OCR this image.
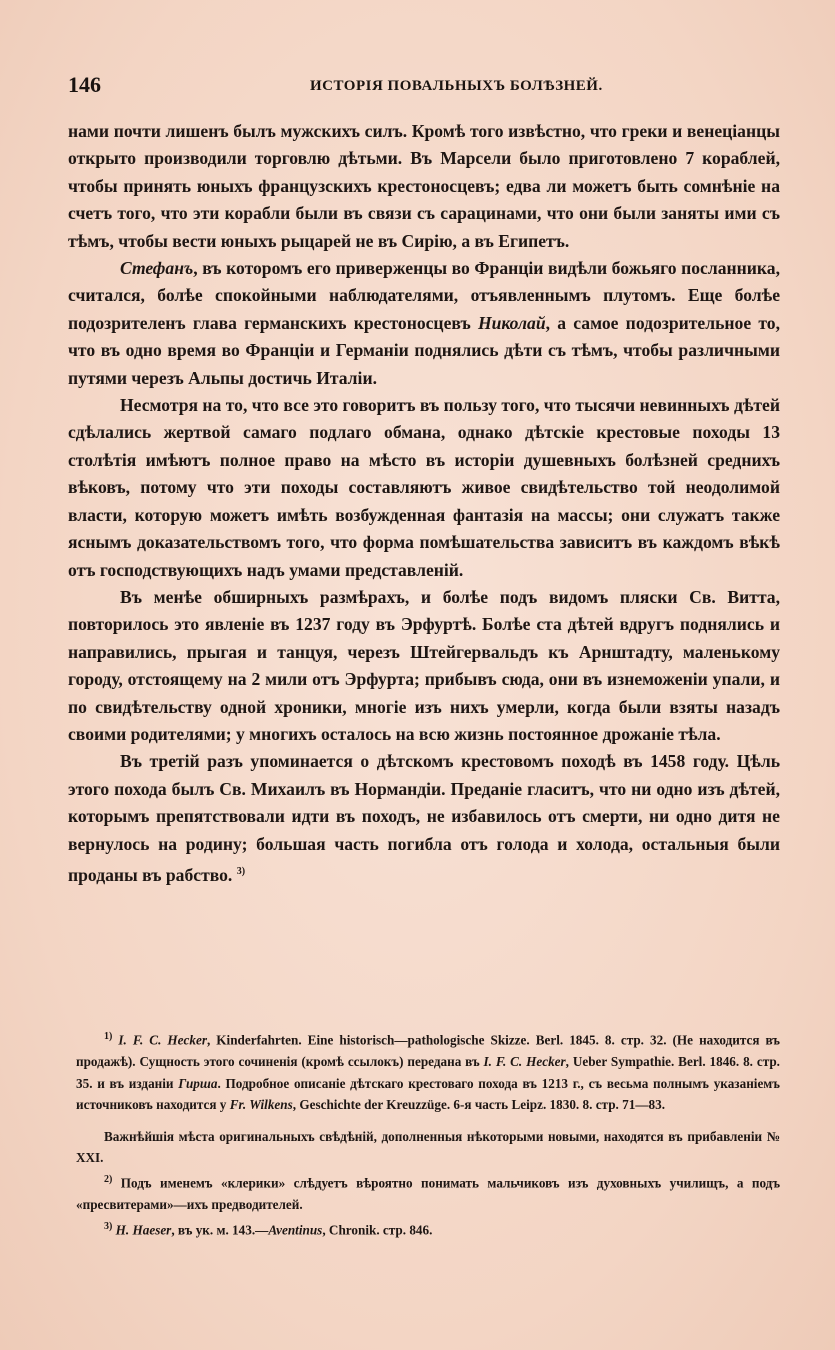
146	ИСТОРІЯ ПОВАЛЬНЫХЪ БОЛѢЗНЕЙ.

нами почти лишенъ былъ мужскихъ силъ. Кромѣ того извѣстно, что греки и венеціанцы открыто производили торговлю дѣтьми. Въ Марсели было приготовлено 7 кораблей, чтобы принять юныхъ французскихъ крестоносцевъ; едва ли можетъ быть сомнѣніе на счетъ того, что эти корабли были въ связи съ сарацинами, что они были заняты ими съ тѣмъ, чтобы вести юныхъ рыцарей не въ Сирію, а въ Египетъ.

Стефанъ, въ которомъ его приверженцы во Франціи видѣли божьяго посланника, считался, болѣе спокойными наблюдателями, отъявленнымъ плутомъ. Еще болѣе подозрителенъ глава германскихъ крестоносцевъ Николай, а самое подозрительное то, что въ одно время во Франціи и Германіи поднялись дѣти съ тѣмъ, чтобы различными путями черезъ Альпы достичь Италіи.

Несмотря на то, что все это говоритъ въ пользу того, что тысячи невинныхъ дѣтей сдѣлались жертвой самаго подлаго обмана, однако дѣтскіе крестовые походы 13 столѣтія имѣютъ полное право на мѣсто въ исторіи душевныхъ болѣзней среднихъ вѣковъ, потому что эти походы составляютъ живое свидѣтельство той неодолимой власти, которую можетъ имѣть возбужденная фантазія на массы; они служатъ также яснымъ доказательствомъ того, что форма помѣшательства зависитъ въ каждомъ вѣкѣ отъ господствующихъ надъ умами представленій.

Въ менѣе обширныхъ размѣрахъ, и болѣе подъ видомъ пляски Св. Витта, повторилось это явленіе въ 1237 году въ Эрфуртѣ. Болѣе ста дѣтей вдругъ поднялись и направились, прыгая и танцуя, черезъ Штейгервальдъ къ Арнштадту, маленькому городу, отстоящему на 2 мили отъ Эрфурта; прибывъ сюда, они въ изнеможеніи упали, и по свидѣтельству одной хроники, многіе изъ нихъ умерли, когда были взяты назадъ своими родителями; у многихъ осталось на всю жизнь постоянное дрожаніе тѣла.

Въ третій разъ упоминается о дѣтскомъ крестовомъ походѣ въ 1458 году. Цѣль этого похода былъ Св. Михаилъ въ Нормандіи. Преданіе гласитъ, что ни одно изъ дѣтей, которымъ препятствовали идти въ походъ, не избавилось отъ смерти, ни одно дитя не вернулось на родину; большая часть погибла отъ голода и холода, остальныя были проданы въ рабство. $^{3)}$

$^{1)}$ I. F. C. Hecker, Kinderfahrten. Eine historisch—pathologische Skizze. Berl. 1845. 8. стр. 32. (Не находится въ продажѣ). Сущность этого сочиненія (кромѣ ссылокъ) передана въ I. F. C. Hecker, Ueber Sympathie. Berl. 1846. 8. стр. 35. и въ изданіи Гирша. Подробное описаніе дѣтскаго крестоваго похода въ 1213 г., съ весьма полнымъ указаніемъ источниковъ находится у Fr. Wilkens, Geschichte der Kreuzzüge. 6-я часть Leipz. 1830. 8. стр. 71—83.

Важнѣйшія мѣста оригинальныхъ свѣдѣній, дополненныя нѣкоторыми новыми, находятся въ прибавленіи № XXI.

$^{2)}$ Подъ именемъ «клерики» слѣдуетъ вѣроятно понимать мальчиковъ изъ духовныхъ училищъ, а подъ «пресвитерами»—ихъ предводителей.

$^{3)}$ H. Haeser, въ ук. м. 143.—Aventinus, Chronik. стр. 846.
